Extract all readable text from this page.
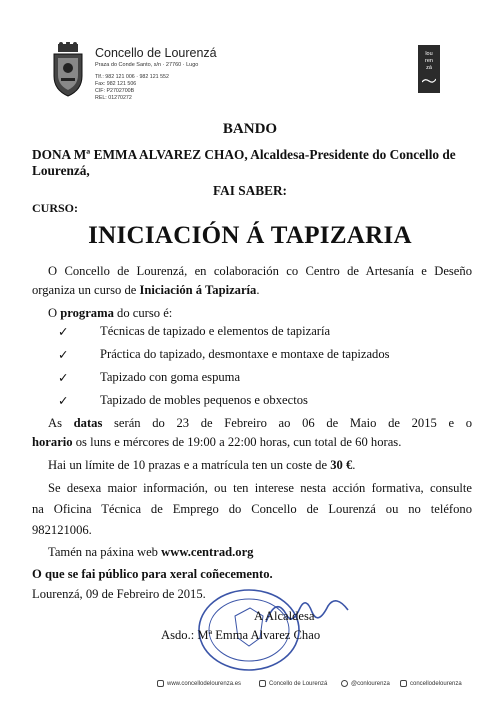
Concello de Lourenzá
Praza do Conde Santo, s/n · 27760 · Lugo
Tlf.: 982 121 006 · 982 121 552
Fax: 982 121 506
CIF: P2702700B
REL: 01270272
lou
ren
zá
BANDO
DONA Mª EMMA ALVAREZ CHAO, Alcaldesa-Presidente do Concello de Lourenzá,
FAI SABER:
CURSO:
INICIACIÓN Á TAPIZARIA
O Concello de Lourenzá, en colaboración co Centro de Artesanía e Deseño
organiza un curso de Iniciación á Tapizaría.
O programa do curso é:
✓ Técnicas de tapizado e elementos de tapizaría
✓ Práctica do tapizado, desmontaxe e montaxe de tapizados
✓ Tapizado con goma espuma
✓ Tapizado de mobles pequenos e obxectos
As datas serán do 23 de Febreiro ao 06 de Maio de 2015 e o
horario os luns e mércores de 19:00 a 22:00 horas, cun total de 60 horas.
Hai un límite de 10 prazas e a matrícula ten un coste de 30 €.
Se desexa maior información, ou ten interese nesta acción formativa, consulte
na Oficina Técnica de Emprego do Concello de Lourenzá ou no teléfono
982121006.
Tamén na páxina web www.centrad.org
O que se fai público para xeral coñecemento.
Lourenzá, 09 de Febreiro de 2015.
A Alcaldesa
Asdo.: Mª Emma Alvarez Chao
www.concellodelourenza.es	Concello de Lourenzá	@conlourenza	concellodelourenza
